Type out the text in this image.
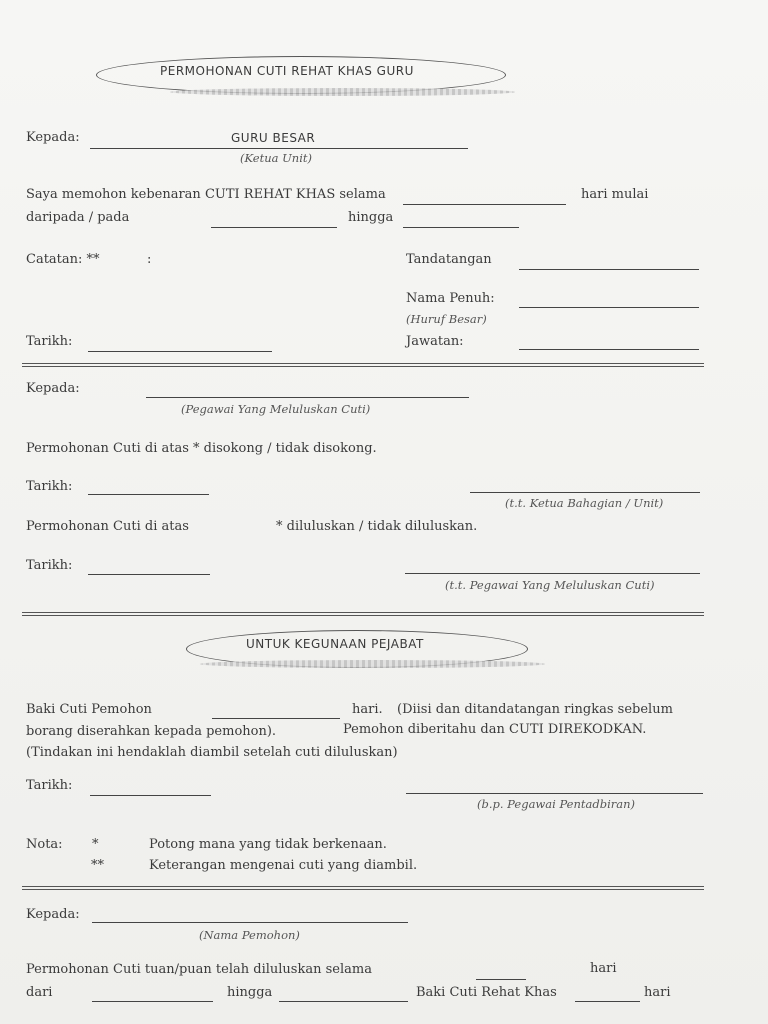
PERMOHONAN CUTI REHAT KHAS GURU
Kepada:	GURU BESAR
(Ketua Unit)
Saya memohon kebenaran CUTI REHAT KHAS selama	hari mulai
daripada / pada	hingga
Catatan: **	:	Tandatangan
Nama Penuh:
(Huruf Besar)
Tarikh:	Jawatan:
Kepada:
(Pegawai Yang Meluluskan Cuti)
Permohonan Cuti di atas * disokong / tidak disokong.
Tarikh:
(t.t. Ketua Bahagian / Unit)
Permohonan Cuti di atas	* diluluskan / tidak diluluskan.
Tarikh:
(t.t. Pegawai Yang Meluluskan Cuti)
UNTUK KEGUNAAN PEJABAT
Baki Cuti Pemohon	hari. (Diisi dan ditandatangan ringkas sebelum
borang diserahkan kepada pemohon).	Pemohon diberitahu dan CUTI DIREKODKAN.
(Tindakan ini hendaklah diambil setelah cuti diluluskan)
Tarikh:
(b.p. Pegawai Pentadbiran)
Nota: *	Potong mana yang tidak berkenaan.
**	Keterangan mengenai cuti yang diambil.
Kepada:
(Nama Pemohon)
Permohonan Cuti tuan/puan telah diluluskan selama	hari
dari	hingga	Baki Cuti Rehat Khas	hari
